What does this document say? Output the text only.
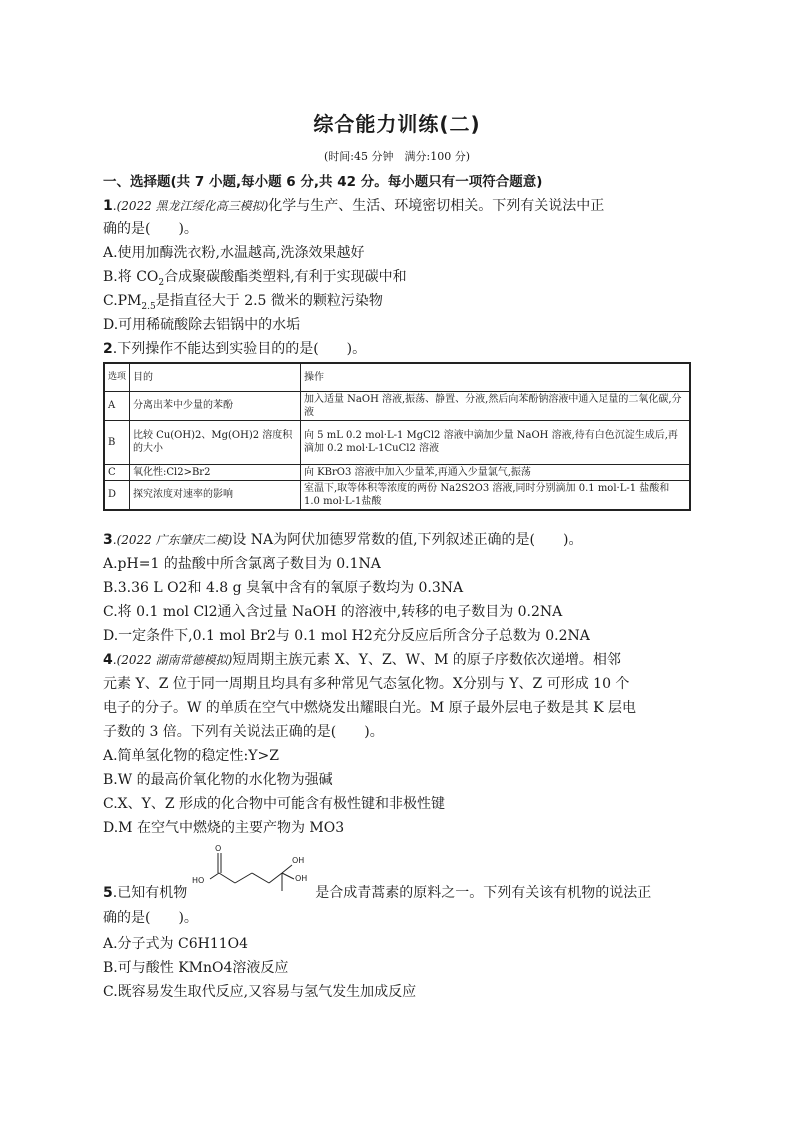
综合能力训练(二)
(时间:45 分钟　满分:100 分)
一、选择题(共 7 小题,每小题 6 分,共 42 分。每小题只有一项符合题意)
1.(2022 黑龙江绥化高三模拟)化学与生产、生活、环境密切相关。下列有关说法中正
确的是(　　)。
A.使用加酶洗衣粉,水温越高,洗涤效果越好
B.将 $CO_2$合成聚碳酸酯类塑料,有利于实现碳中和
$C.PM_{2.5}$是指直径大于 2.5 微米的颗粒污染物
D.可用稀硫酸除去铝锅中的水垢
2.下列操作不能达到实验目的的是(　　)。
选项	目的	操作
A	分离出苯中少量的苯酚	加入适量 NaOH 溶液,振荡、静置、分液,然后向苯酚钠溶液中通入足量的二氧化碳,分液
B	比较 Cu(OH)2、Mg(OH)2 溶度积的大小	向 5 mL 0.2 mol·L-1 MgCl2 溶液中滴加少量 NaOH 溶液,待有白色沉淀生成后,再滴加 0.2 mol·L-1CuCl2 溶液
C	氧化性:Cl2>Br2	向 KBrO3 溶液中加入少量苯,再通入少量氯气,振荡
D	探究浓度对速率的影响	室温下,取等体积等浓度的两份 Na2S2O3 溶液,同时分别滴加 0.1 mol·L-1 盐酸和 1.0 mol·L-1盐酸
3.(2022 广东肇庆二模)设 NA为阿伏加德罗常数的值,下列叙述正确的是(　　)。
A.pH=1 的盐酸中所含氯离子数目为 0.1NA
B.3.36 L O2和 4.8 g 臭氧中含有的氧原子数均为 0.3NA
C.将 0.1 mol Cl2通入含过量 NaOH 的溶液中,转移的电子数目为 0.2NA
D.一定条件下,0.1 mol Br2与 0.1 mol H2充分反应后所含分子总数为 0.2NA
4.(2022 湖南常德模拟)短周期主族元素 X、Y、Z、W、M 的原子序数依次递增。相邻
元素 Y、Z 位于同一周期且均具有多种常见气态氢化物。X分别与 Y、Z 可形成 10 个
电子的分子。W 的单质在空气中燃烧发出耀眼白光。M 原子最外层电子数是其 K 层电
子数的 3 倍。下列有关说法正确的是(　　)。
A.简单氢化物的稳定性:Y>Z
B.W 的最高价氧化物的水化物为强碱
C.X、Y、Z 形成的化合物中可能含有极性键和非极性键
D.M 在空气中燃烧的主要产物为 MO3
5.已知有机物	是合成青蒿素的原料之一。下列有关该有机物的说法正
O
HO
OH
OH
确的是(　　)。
A.分子式为 C6H11O4
B.可与酸性 KMnO4溶液反应
C.既容易发生取代反应,又容易与氢气发生加成反应
